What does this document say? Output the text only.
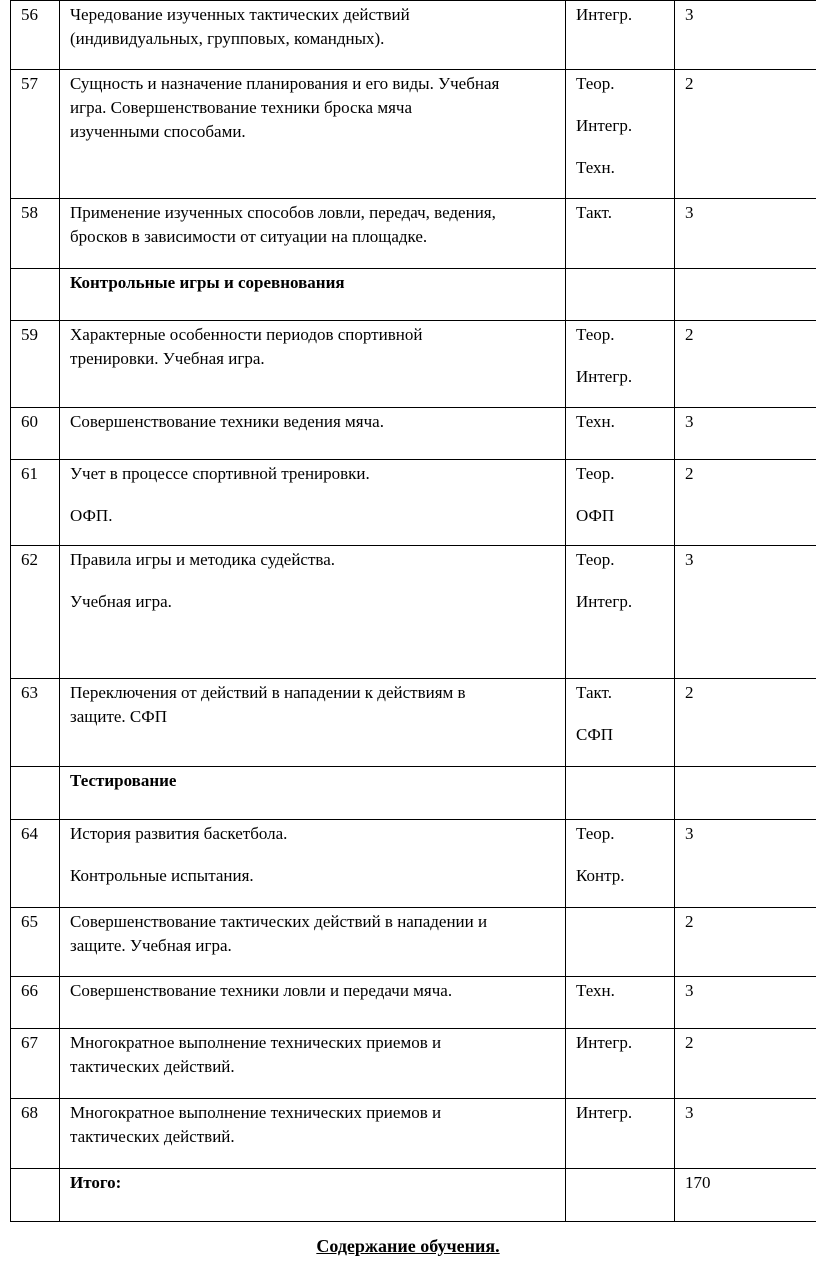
56	Чередование изученных тактических действий
(индивидуальных, групповых, командных).	Интегр.	3
57	Сущность и назначение планирования и его виды. Учебная
игра. Совершенствование техники броска мяча
изученными способами.	Теор.
Интегр.
Техн.	2
58	Применение изученных способов ловли, передач, ведения,
бросков в зависимости от ситуации на площадке.	Такт.	3
	Контрольные игры и соревнования		
59	Характерные особенности периодов спортивной
тренировки. Учебная игра.	Теор.
Интегр.	2
60	Совершенствование техники ведения мяча.	Техн.	3
61	Учет в процессе спортивной тренировки.
ОФП.	Теор.
ОФП	2
62	Правила игры и методика судейства.
Учебная игра.	Теор.
Интегр.	3
63	Переключения от действий в нападении к действиям в
защите. СФП	Такт.
СФП	2
	Тестирование		
64	История развития баскетбола.
Контрольные испытания.	Теор.
Контр.	3
65	Совершенствование тактических действий в нападении и
защите. Учебная игра.		2
66	Совершенствование техники ловли и передачи мяча.	Техн.	3
67	Многократное выполнение технических приемов и
тактических действий.	Интегр.	2
68	Многократное выполнение технических приемов и
тактических действий.	Интегр.	3
	Итого:		170
Содержание обучения.
